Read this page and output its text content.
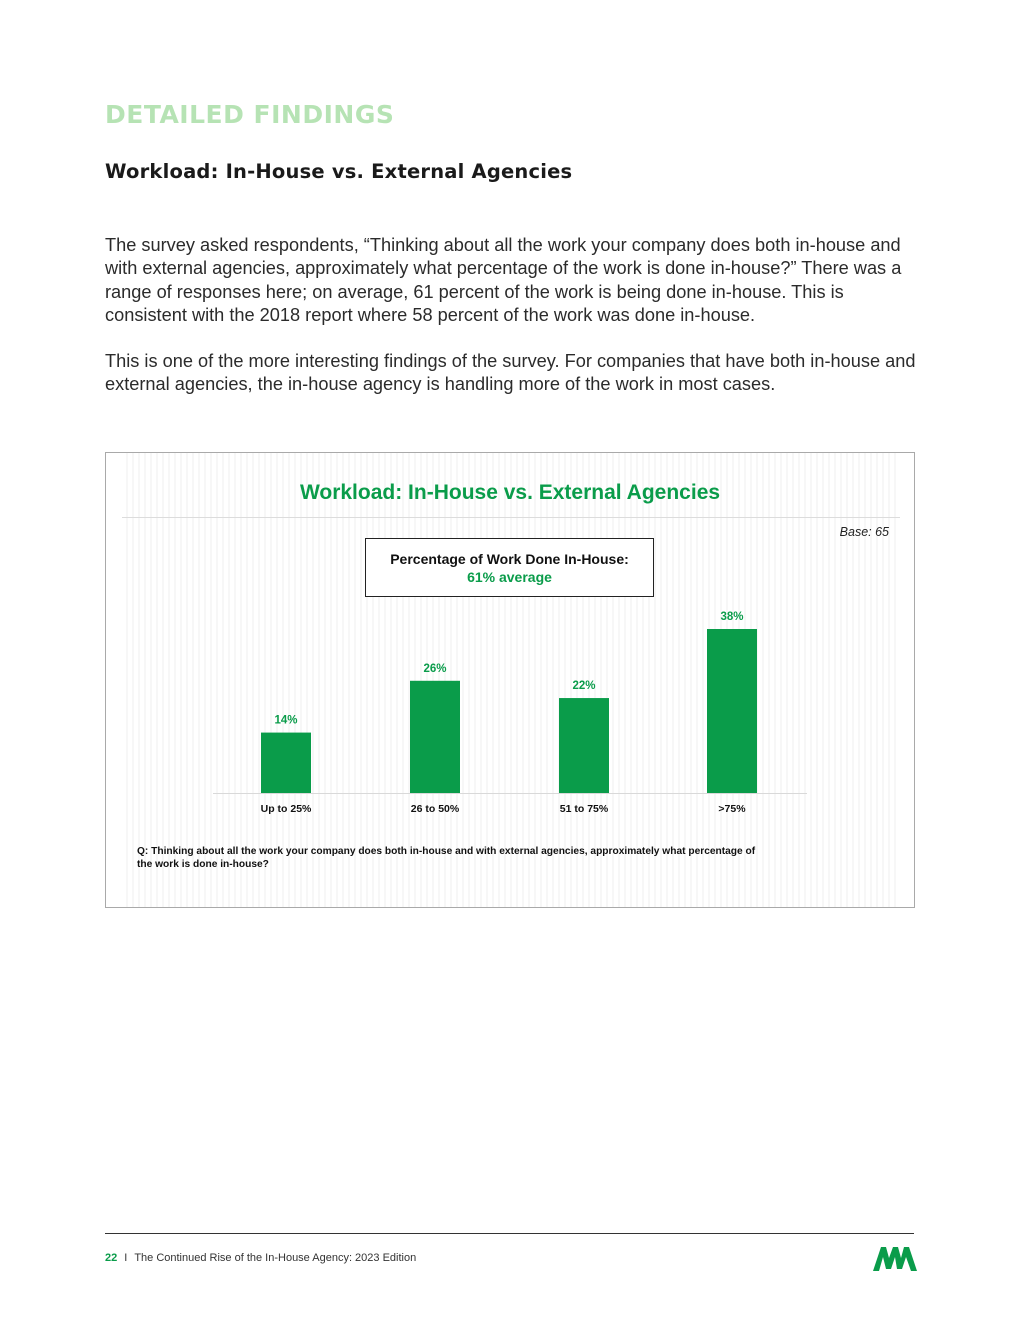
DETAILED FINDINGS
Workload: In-House vs. External Agencies

The survey asked respondents, “Thinking about all the work your company does both in-house and with external agencies, approximately what percentage of the work is done in-house?” There was a range of responses here; on average, 61 percent of the work is being done in-house. This is consistent with the 2018 report where 58 percent of the work was done in-house.

This is one of the more interesting findings of the survey. For companies that have both in-house and external agencies, the in-house agency is handling more of the work in most cases.

Workload: In-House vs. External Agencies
Base: 65
Percentage of Work Done In-House:
61% average
14%
Up to 25%
26%
26 to 50%
22%
51 to 75%
38%
>75%

Q: Thinking about all the work your company does both in-house and with external agencies, approximately what percentage of the work is done in-house?

22 I The Continued Rise of the In-House Agency: 2023 Edition
